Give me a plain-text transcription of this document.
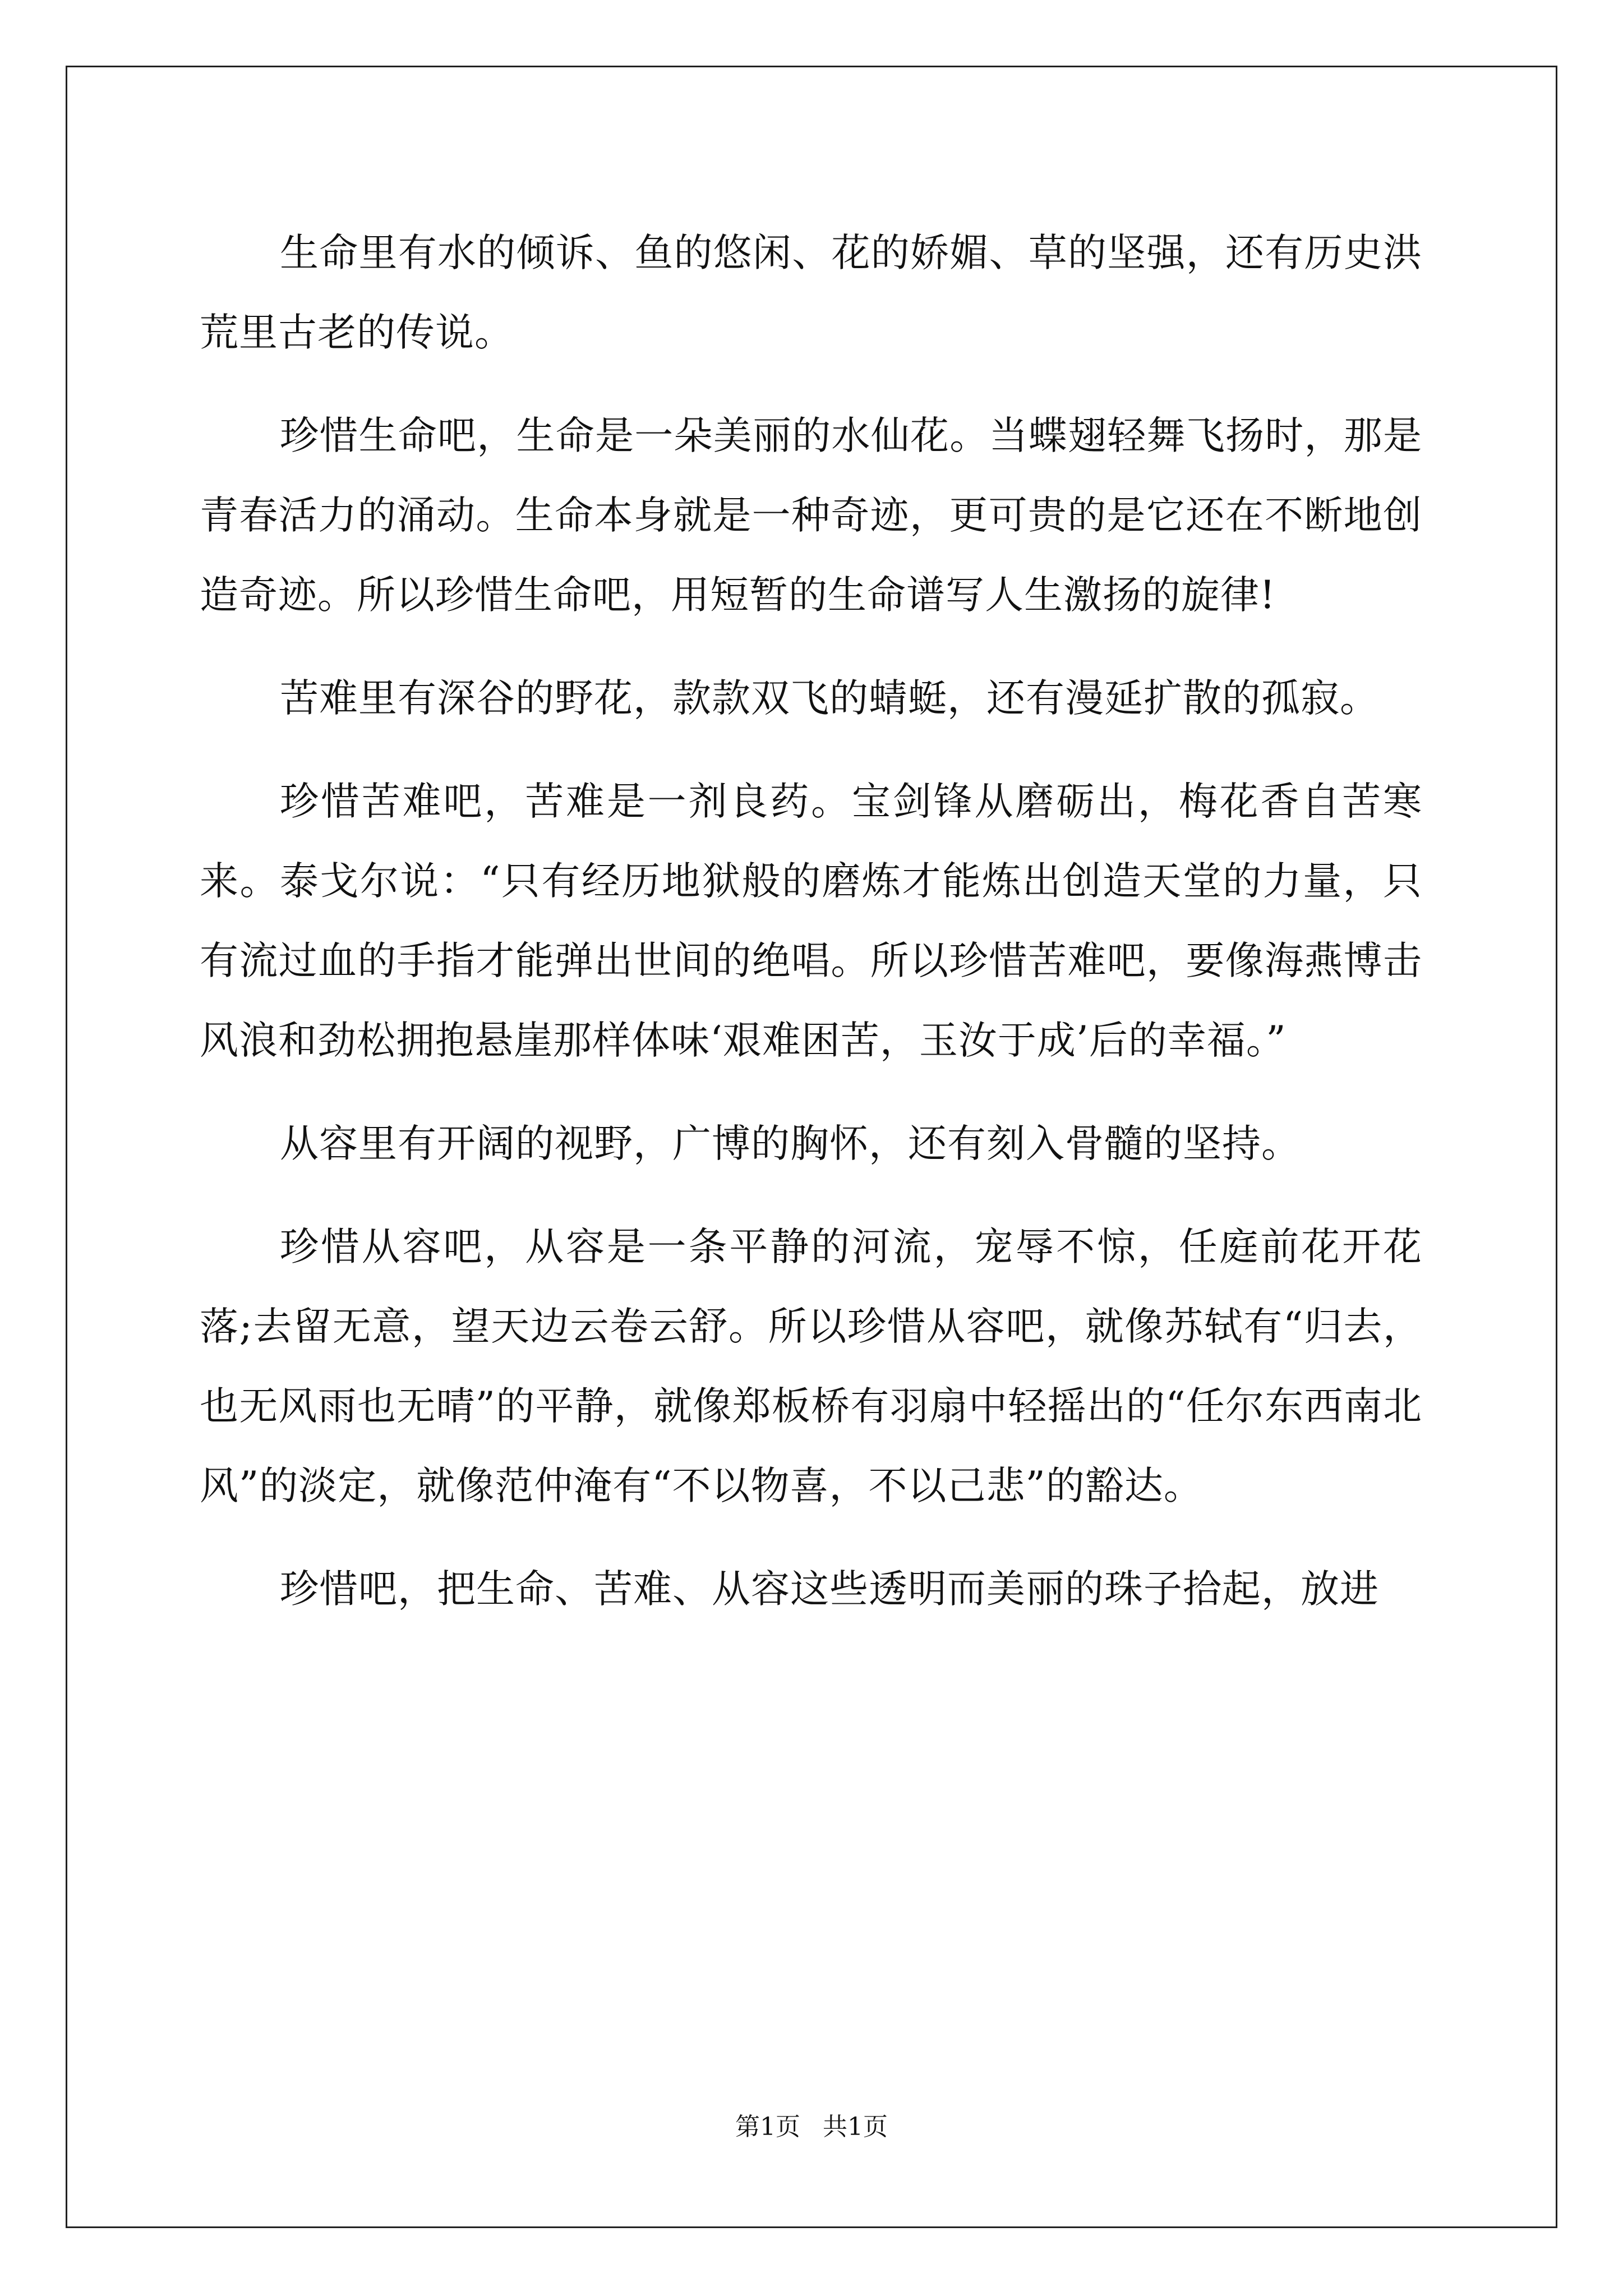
生命里有水的倾诉、鱼的悠闲、花的娇媚、草的坚强，还有历史洪荒里古老的传说。

珍惜生命吧，生命是一朵美丽的水仙花。当蝶翅轻舞飞扬时，那是青春活力的涌动。生命本身就是一种奇迹，更可贵的是它还在不断地创造奇迹。所以珍惜生命吧，用短暂的生命谱写人生激扬的旋律!

苦难里有深谷的野花，款款双飞的蜻蜓，还有漫延扩散的孤寂。

珍惜苦难吧，苦难是一剂良药。宝剑锋从磨砺出，梅花香自苦寒来。泰戈尔说：“只有经历地狱般的磨炼才能炼出创造天堂的力量，只有流过血的手指才能弹出世间的绝唱。所以珍惜苦难吧，要像海燕博击风浪和劲松拥抱悬崖那样体味‘艰难困苦，玉汝于成’后的幸福。”

从容里有开阔的视野，广博的胸怀，还有刻入骨髓的坚持。

珍惜从容吧，从容是一条平静的河流，宠辱不惊，任庭前花开花落;去留无意，望天边云卷云舒。所以珍惜从容吧，就像苏轼有“归去，也无风雨也无晴”的平静，就像郑板桥有羽扇中轻摇出的“任尔东西南北风”的淡定，就像范仲淹有“不以物喜，不以己悲”的豁达。

珍惜吧，把生命、苦难、从容这些透明而美丽的珠子拾起，放进

第1页 共1页
